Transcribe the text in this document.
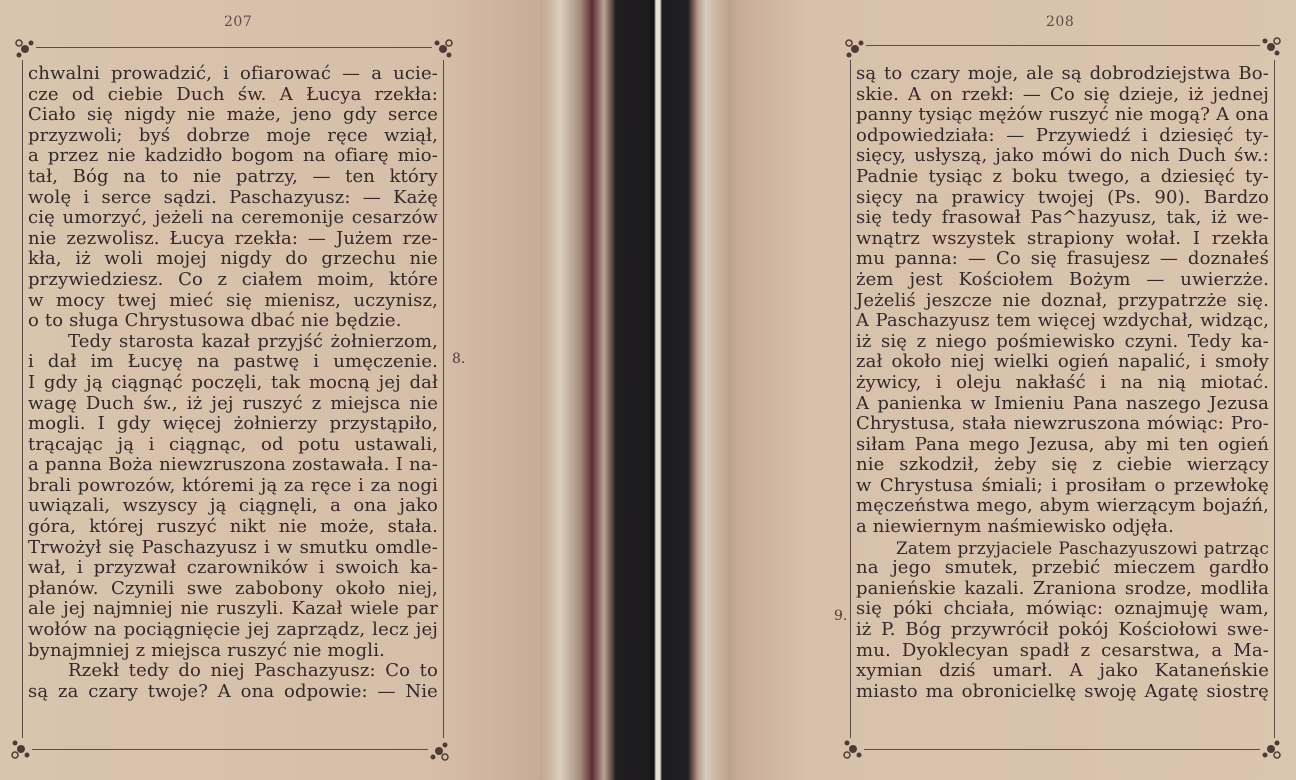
207
chwalni prowadzić, i ofiarować — a ucie-
cze od ciebie Duch św. A Łucya rzekła:
Ciało się nigdy nie maże, jeno gdy serce
przyzwoli; byś dobrze moje ręce wziął,
a przez nie kadzidło bogom na ofiarę mio-
tał, Bóg na to nie patrzy, — ten który
wolę i serce sądzi. Paschazyusz: — Każę
cię umorzyć, jeżeli na ceremonije cesarzów
nie zezwolisz. Łucya rzekła: — Jużem rze-
kła, iż woli mojej nigdy do grzechu nie
przywiedziesz. Co z ciałem moim, które
w mocy twej mieć się mienisz, uczynisz,
o to sługa Chrystusowa dbać nie będzie.
Tedy starosta kazał przyjść żołnierzom,
i dał im Łucyę na pastwę i umęczenie.
I gdy ją ciągnąć poczęli, tak mocną jej dał
wagę Duch św., iż jej ruszyć z miejsca nie
mogli. I gdy więcej żołnierzy przystąpiło,
trącając ją i ciągnąc, od potu ustawali,
a panna Boża niewzruszona zostawała. I na-
brali powrozów, któremi ją za ręce i za nogi
uwiązali, wszyscy ją ciągnęli, a ona jako
góra, której ruszyć nikt nie może, stała.
Trwożył się Paschazyusz i w smutku omdle-
wał, i przyzwał czarowników i swoich ka-
płanów. Czynili swe zabobony około niej,
ale jej najmniej nie ruszyli. Kazał wiele par
wołów na pociągnięcie jej zaprządz, lecz jej
bynajmniej z miejsca ruszyć nie mogli.
Rzekł tedy do niej Paschazyusz: Co to
są za czary twoje? A ona odpowie: — Nie
8.
208
są to czary moje, ale są dobrodziejstwa Bo-
skie. A on rzekł: — Co się dzieje, iż jednej
panny tysiąc mężów ruszyć nie mogą? A ona
odpowiedziała: — Przywiedź i dziesięć ty-
sięcy, usłyszą, jako mówi do nich Duch św.:
Padnie tysiąc z boku twego, a dziesięć ty-
sięcy na prawicy twojej (Ps. 90). Bardzo
się tedy frasował Pas^hazyusz, tak, iż we-
wnątrz wszystek strapiony wołał. I rzekła
mu panna: — Co się frasujesz — doznałeś
żem jest Kościołem Bożym — uwierzże.
Jeżeliś jeszcze nie doznał, przypatrzże się.
A Paschazyusz tem więcej wzdychał, widząc,
iż się z niego pośmiewisko czyni. Tedy ka-
zał około niej wielki ogień napalić, i smoły
żywicy, i oleju nakłaść i na nią miotać.
A panienka w Imieniu Pana naszego Jezusa
Chrystusa, stała niewzruszona mówiąc: Pro-
siłam Pana mego Jezusa, aby mi ten ogień
nie szkodził, żeby się z ciebie wierzący
w Chrystusa śmiali; i prosiłam o przewłokę
męczeństwa mego, abym wierzącym bojaźń,
a niewiernym naśmiewisko odjęła.
Zatem przyjaciele Paschazyuszowi patrząc
na jego smutek, przebić mieczem gardło
panieńskie kazali. Zraniona srodze, modliła
się póki chciała, mówiąc: oznajmuję wam,
iż P. Bóg przywrócił pokój Kościołowi swe-
mu. Dyoklecyan spadł z cesarstwa, a Ma-
xymian dziś umarł. A jako Katanеńskie
miasto ma obronicielkę swoję Agatę siostrę
9.
